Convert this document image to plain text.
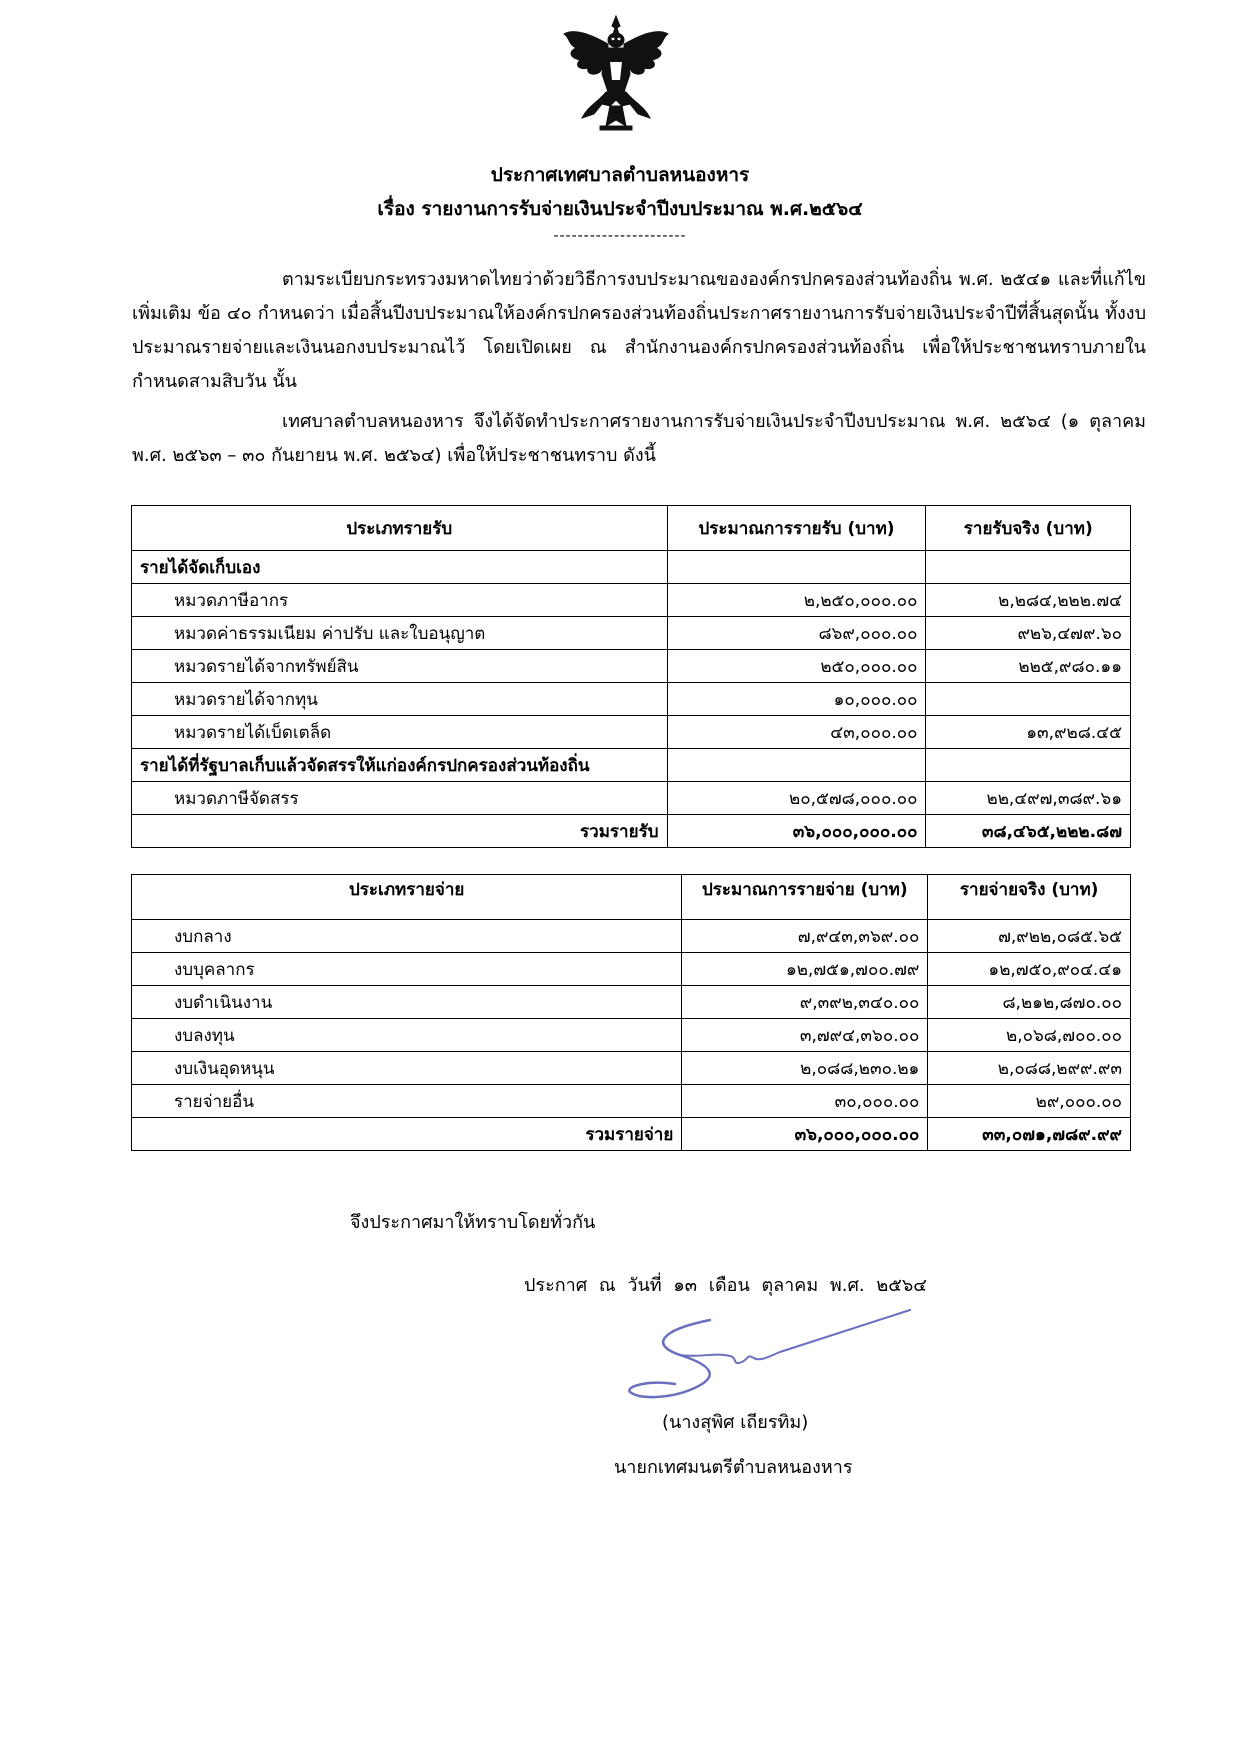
ประกาศเทศบาลตำบลหนองหาร
เรื่อง รายงานการรับจ่ายเงินประจำปีงบประมาณ พ.ศ.๒๕๖๔
----------------------
ตามระเบียบกระทรวงมหาดไทยว่าด้วยวิธีการงบประมาณขององค์กรปกครองส่วนท้องถิ่น พ.ศ. ๒๕๔๑ และที่แก้ไขเพิ่มเติม ข้อ ๔๐ กำหนดว่า เมื่อสิ้นปีงบประมาณให้องค์กรปกครองส่วนท้องถิ่นประกาศรายงานการรับจ่ายเงินประจำปีที่สิ้นสุดนั้น ทั้งงบประมาณรายจ่ายและเงินนอกงบประมาณไว้ โดยเปิดเผย ณ สำนักงานองค์กรปกครองส่วนท้องถิ่น เพื่อให้ประชาชนทราบภายในกำหนดสามสิบวัน นั้น
เทศบาลตำบลหนองหาร จึงได้จัดทำประกาศรายงานการรับจ่ายเงินประจำปีงบประมาณ พ.ศ. ๒๕๖๔ (๑ ตุลาคม พ.ศ. ๒๕๖๓ – ๓๐ กันยายน พ.ศ. ๒๕๖๔) เพื่อให้ประชาชนทราบ ดังนี้
ประเภทรายรับ	ประมาณการรายรับ (บาท)	รายรับจริง (บาท)
รายได้จัดเก็บเอง		
หมวดภาษีอากร	๒,๒๕๐,๐๐๐.๐๐	๒,๒๘๔,๒๒๒.๗๔
หมวดค่าธรรมเนียม ค่าปรับ และใบอนุญาต	๘๖๙,๐๐๐.๐๐	๙๒๖,๔๗๙.๖๐
หมวดรายได้จากทรัพย์สิน	๒๕๐,๐๐๐.๐๐	๒๒๕,๙๘๐.๑๑
หมวดรายได้จากทุน	๑๐,๐๐๐.๐๐	
หมวดรายได้เบ็ดเตล็ด	๔๓,๐๐๐.๐๐	๑๓,๙๒๘.๔๕
รายได้ที่รัฐบาลเก็บแล้วจัดสรรให้แก่องค์กรปกครองส่วนท้องถิ่น		
หมวดภาษีจัดสรร	๒๐,๕๗๘,๐๐๐.๐๐	๒๒,๔๙๗,๓๘๙.๖๑
รวมรายรับ	๓๖,๐๐๐,๐๐๐.๐๐	๓๘,๔๖๕,๒๒๒.๘๗
ประเภทรายจ่าย	ประมาณการรายจ่าย (บาท)	รายจ่ายจริง (บาท)
งบกลาง	๗,๙๔๓,๓๖๙.๐๐	๗,๙๒๒,๐๘๕.๖๕
งบบุคลากร	๑๒,๗๕๑,๗๐๐.๗๙	๑๒,๗๕๐,๙๐๔.๔๑
งบดำเนินงาน	๙,๓๙๒,๓๔๐.๐๐	๘,๒๑๒,๘๗๐.๐๐
งบลงทุน	๓,๗๙๔,๓๖๐.๐๐	๒,๐๖๘,๗๐๐.๐๐
งบเงินอุดหนุน	๒,๐๘๘,๒๓๐.๒๑	๒,๐๘๘,๒๙๙.๙๓
รายจ่ายอื่น	๓๐,๐๐๐.๐๐	๒๙,๐๐๐.๐๐
รวมรายจ่าย	๓๖,๐๐๐,๐๐๐.๐๐	๓๓,๐๗๑,๗๘๙.๙๙
จึงประกาศมาให้ทราบโดยทั่วกัน
ประกาศ ณ วันที่ ๑๓ เดือน ตุลาคม พ.ศ. ๒๕๖๔
(นางสุพิศ เถียรทิม)
นายกเทศมนตรีตำบลหนองหาร
